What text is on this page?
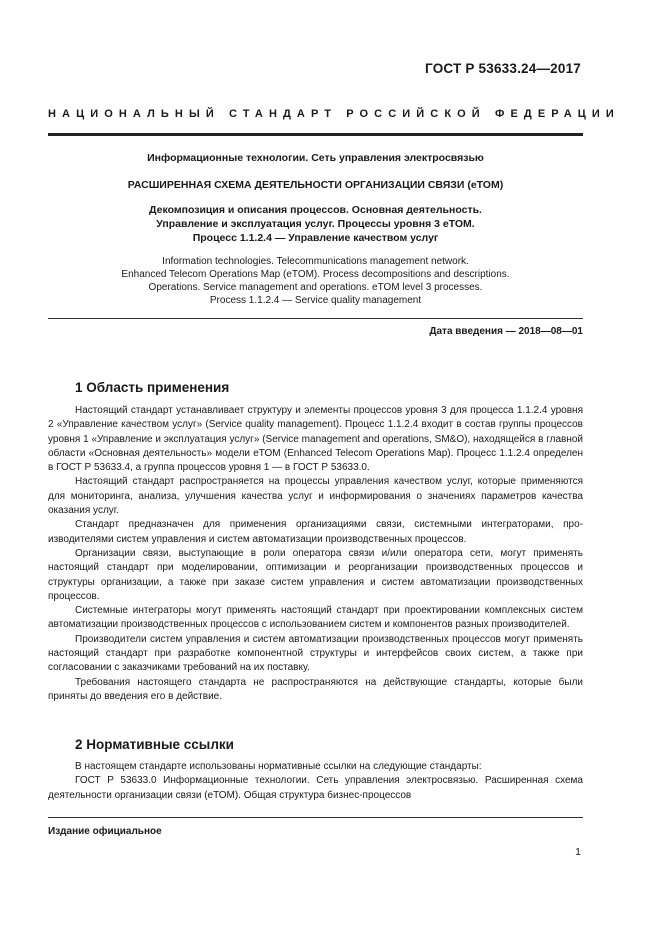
ГОСТ Р 53633.24—2017
НАЦИОНАЛЬНЫЙ СТАНДАРТ РОССИЙСКОЙ ФЕДЕРАЦИИ
Информационные технологии. Сеть управления электросвязью
РАСШИРЕННАЯ СХЕМА ДЕЯТЕЛЬНОСТИ ОРГАНИЗАЦИИ СВЯЗИ (еТОМ)
Декомпозиция и описания процессов. Основная деятельность.
Управление и эксплуатация услуг. Процессы уровня 3 еТОМ.
Процесс 1.1.2.4 — Управление качеством услуг
Information technologies. Telecommunications management network.
Enhanced Telecom Operations Map (eTOM). Process decompositions and descriptions.
Operations. Service management and operations. eTOM level 3 processes.
Process 1.1.2.4 — Service quality management
Дата введения — 2018—08—01
1 Область применения

Настоящий стандарт устанавливает структуру и элементы процессов уровня 3 для процесса 1.1.2.4 уровня 2 «Управление качеством услуг» (Service quality management). Процесс 1.1.2.4 входит в состав группы процессов уровня 1 «Управление и эксплуатация услуг» (Service management and operations, SM&O), находящейся в главной области «Основная деятельность» модели еТОМ (Enhanced Telecom Operations Map). Процесс 1.1.2.4 определен в ГОСТ Р 53633.4, а группа процессов уровня 1 — в ГОСТ Р 53633.0.

Настоящий стандарт распространяется на процессы управления качеством услуг, которые применяются для мониторинга, анализа, улучшения качества услуг и информирования о значениях параметров качества оказания услуг.

Стандарт предназначен для применения организациями связи, системными интеграторами, производителями систем управления и систем автоматизации производственных процессов.

Организации связи, выступающие в роли оператора связи и/или оператора сети, могут применять настоящий стандарт при моделировании, оптимизации и реорганизации производственных процессов и структуры организации, а также при заказе систем управления и систем автоматизации производственных процессов.

Системные интеграторы могут применять настоящий стандарт при проектировании комплексных систем автоматизации производственных процессов с использованием систем и компонентов разных производителей.

Производители систем управления и систем автоматизации производственных процессов могут применять настоящий стандарт при разработке компонентной структуры и интерфейсов своих систем, а также при согласовании с заказчиками требований на их поставку.

Требования настоящего стандарта не распространяются на действующие стандарты, которые были приняты до введения его в действие.

2 Нормативные ссылки

В настоящем стандарте использованы нормативные ссылки на следующие стандарты:

ГОСТ Р 53633.0 Информационные технологии. Сеть управления электросвязью. Расширенная схема деятельности организации связи (еТОМ). Общая структура бизнес-процессов

Издание официальное
1
